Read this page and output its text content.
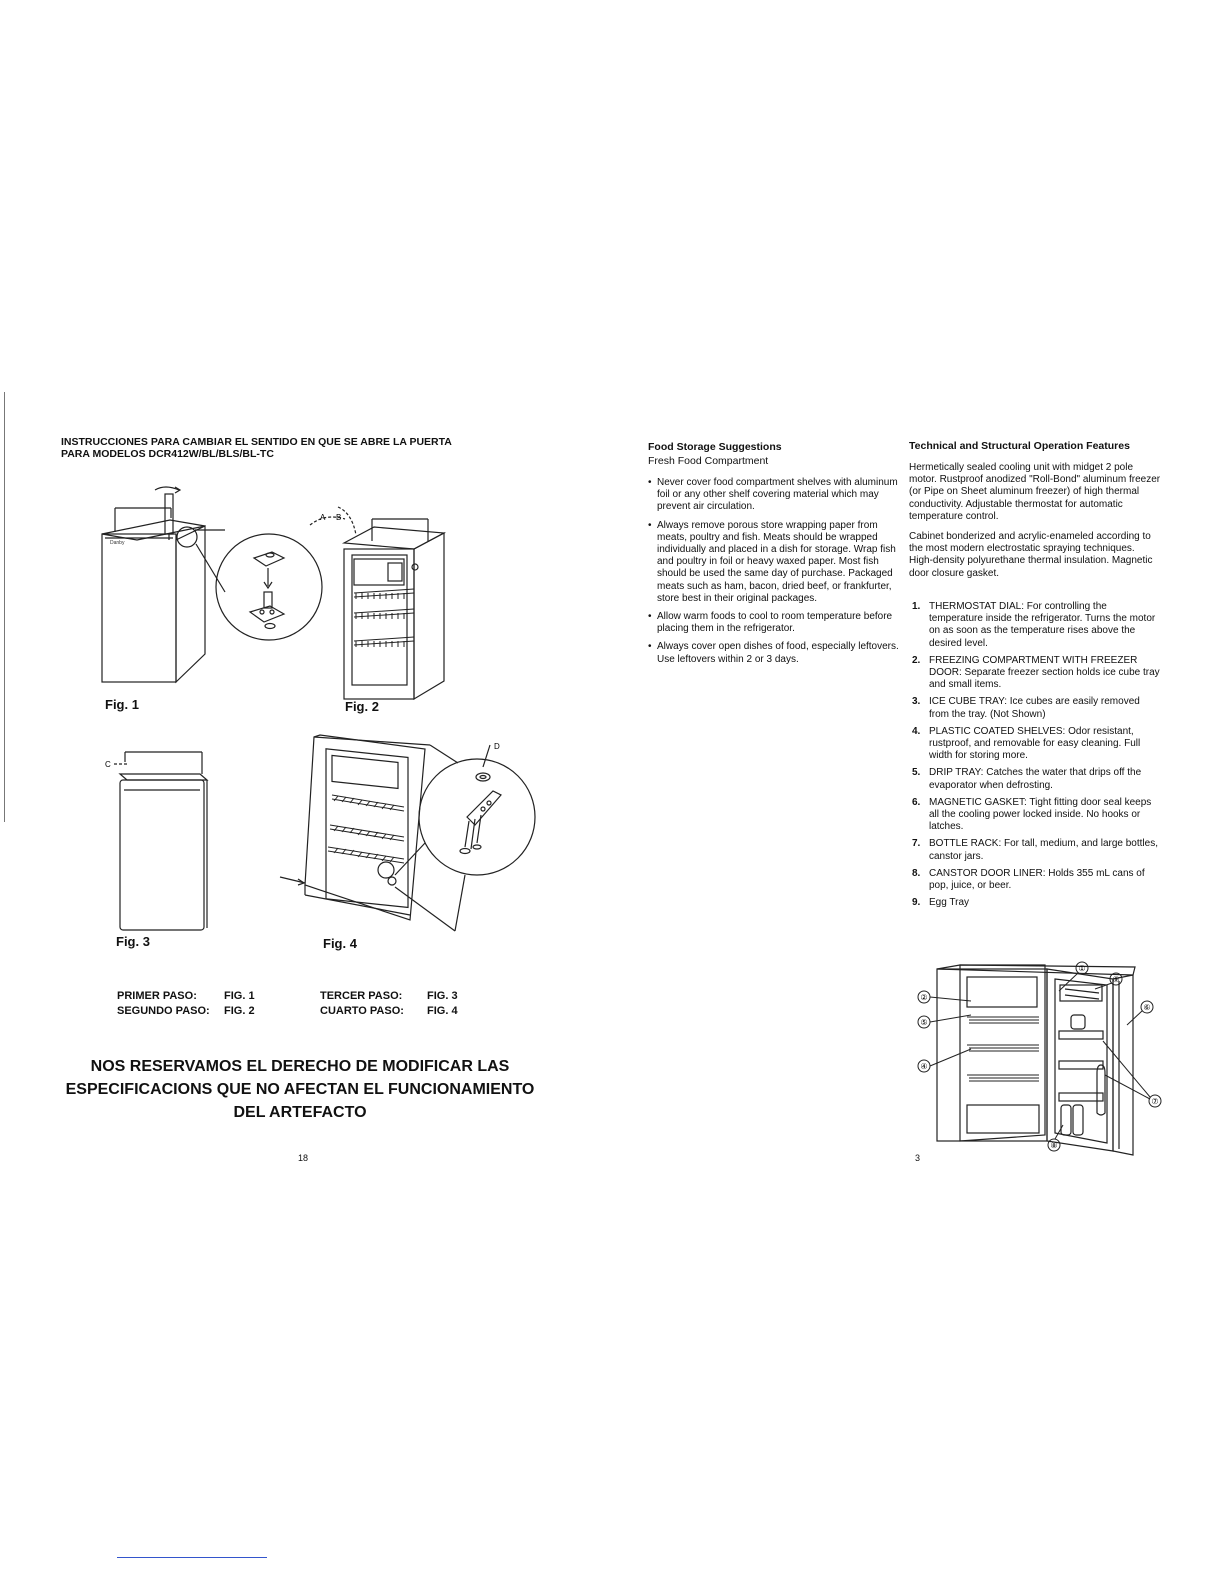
INSTRUCCIONES PARA CAMBIAR EL SENTIDO EN QUE SE ABRE LA PUERTA
PARA MODELOS DCR412W/BL/BLS/BL-TC
Danby
Fig. 1
A B
Fig. 2
C
Fig. 3
D
Fig. 4
PRIMER PASO: FIG. 1
SEGUNDO PASO: FIG. 2
TERCER PASO: FIG. 3
CUARTO PASO: FIG. 4
NOS RESERVAMOS EL DERECHO DE MODIFICAR LAS
ESPECIFICACIONS QUE NO AFECTAN EL FUNCIONAMIENTO
DEL ARTEFACTO
18
Food Storage Suggestions
Fresh Food Compartment
• Never cover food compartment shelves with aluminum foil or any other shelf covering material which may prevent air circulation.
• Always remove porous store wrapping paper from meats, poultry and fish. Meats should be wrapped individually and placed in a dish for storage. Wrap fish and poultry in foil or heavy waxed paper. Most fish should be used the same day of purchase. Packaged meats such as ham, bacon, dried beef, or frankfurter, store best in their original packages.
• Allow warm foods to cool to room temperature before placing them in the refrigerator.
• Always cover open dishes of food, especially leftovers. Use leftovers within 2 or 3 days.
Technical and Structural Operation Features
Hermetically sealed cooling unit with midget 2 pole motor. Rustproof anodized "Roll-Bond" aluminum freezer (or Pipe on Sheet aluminum freezer) of high thermal conductivity. Adjustable thermostat for automatic temperature control.
Cabinet bonderized and acrylic-enameled according to the most modern electrostatic spraying techniques. High-density polyurethane thermal insulation. Magnetic door closure gasket.
1. THERMOSTAT DIAL: For controlling the temperature inside the refrigerator. Turns the motor on as soon as the temperature rises above the desired level.
2. FREEZING COMPARTMENT WITH FREEZER DOOR: Separate freezer section holds ice cube tray and small items.
3. ICE CUBE TRAY: Ice cubes are easily removed from the tray. (Not Shown)
4. PLASTIC COATED SHELVES: Odor resistant, rustproof, and removable for easy cleaning. Full width for storing more.
5. DRIP TRAY: Catches the water that drips off the evaporator when defrosting.
6. MAGNETIC GASKET: Tight fitting door seal keeps all the cooling power locked inside. No hooks or latches.
7. BOTTLE RACK: For tall, medium, and large bottles, canstor jars.
8. CANSTOR DOOR LINER: Holds 355 mL cans of pop, juice, or beer.
9. Egg Tray
①
②
④
⑤
⑥
⑦
⑧
⑨
3
